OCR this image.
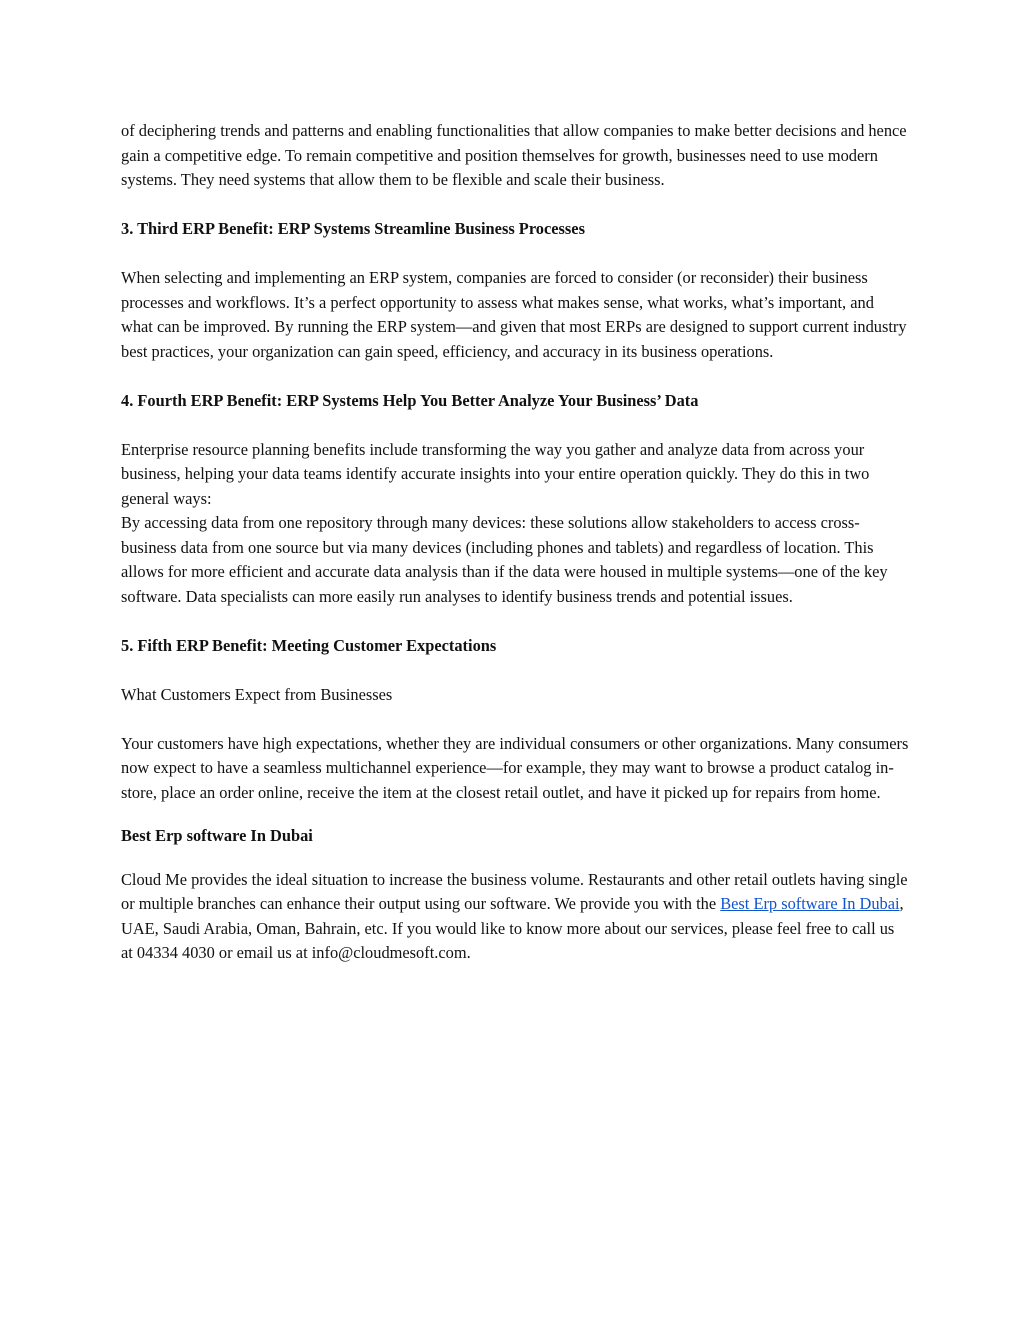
of deciphering trends and patterns and enabling functionalities that allow companies to make better decisions and hence gain a competitive edge. To remain competitive and position themselves for growth, businesses need to use modern systems. They need systems that allow them to be flexible and scale their business.

3. Third ERP Benefit: ERP Systems Streamline Business Processes

When selecting and implementing an ERP system, companies are forced to consider (or reconsider) their business processes and workflows. It’s a perfect opportunity to assess what makes sense, what works, what’s important, and what can be improved. By running the ERP system—and given that most ERPs are designed to support current industry best practices, your organization can gain speed, efficiency, and accuracy in its business operations.

4. Fourth ERP Benefit: ERP Systems Help You Better Analyze Your Business’ Data

Enterprise resource planning benefits include transforming the way you gather and analyze data from across your business, helping your data teams identify accurate insights into your entire operation quickly. They do this in two general ways:

By accessing data from one repository through many devices: these solutions allow stakeholders to access cross-business data from one source but via many devices (including phones and tablets) and regardless of location. This allows for more efficient and accurate data analysis than if the data were housed in multiple systems—one of the key software. Data specialists can more easily run analyses to identify business trends and potential issues.

5. Fifth ERP Benefit: Meeting Customer Expectations

What Customers Expect from Businesses

Your customers have high expectations, whether they are individual consumers or other organizations. Many consumers now expect to have a seamless multichannel experience—for example, they may want to browse a product catalog in-store, place an order online, receive the item at the closest retail outlet, and have it picked up for repairs from home.

Best Erp software In Dubai

Cloud Me provides the ideal situation to increase the business volume. Restaurants and other retail outlets having single or multiple branches can enhance their output using our software. We provide you with the Best Erp software In Dubai, UAE, Saudi Arabia, Oman, Bahrain, etc. If you would like to know more about our services, please feel free to call us at 04334 4030 or email us at info@cloudmesoft.com.
